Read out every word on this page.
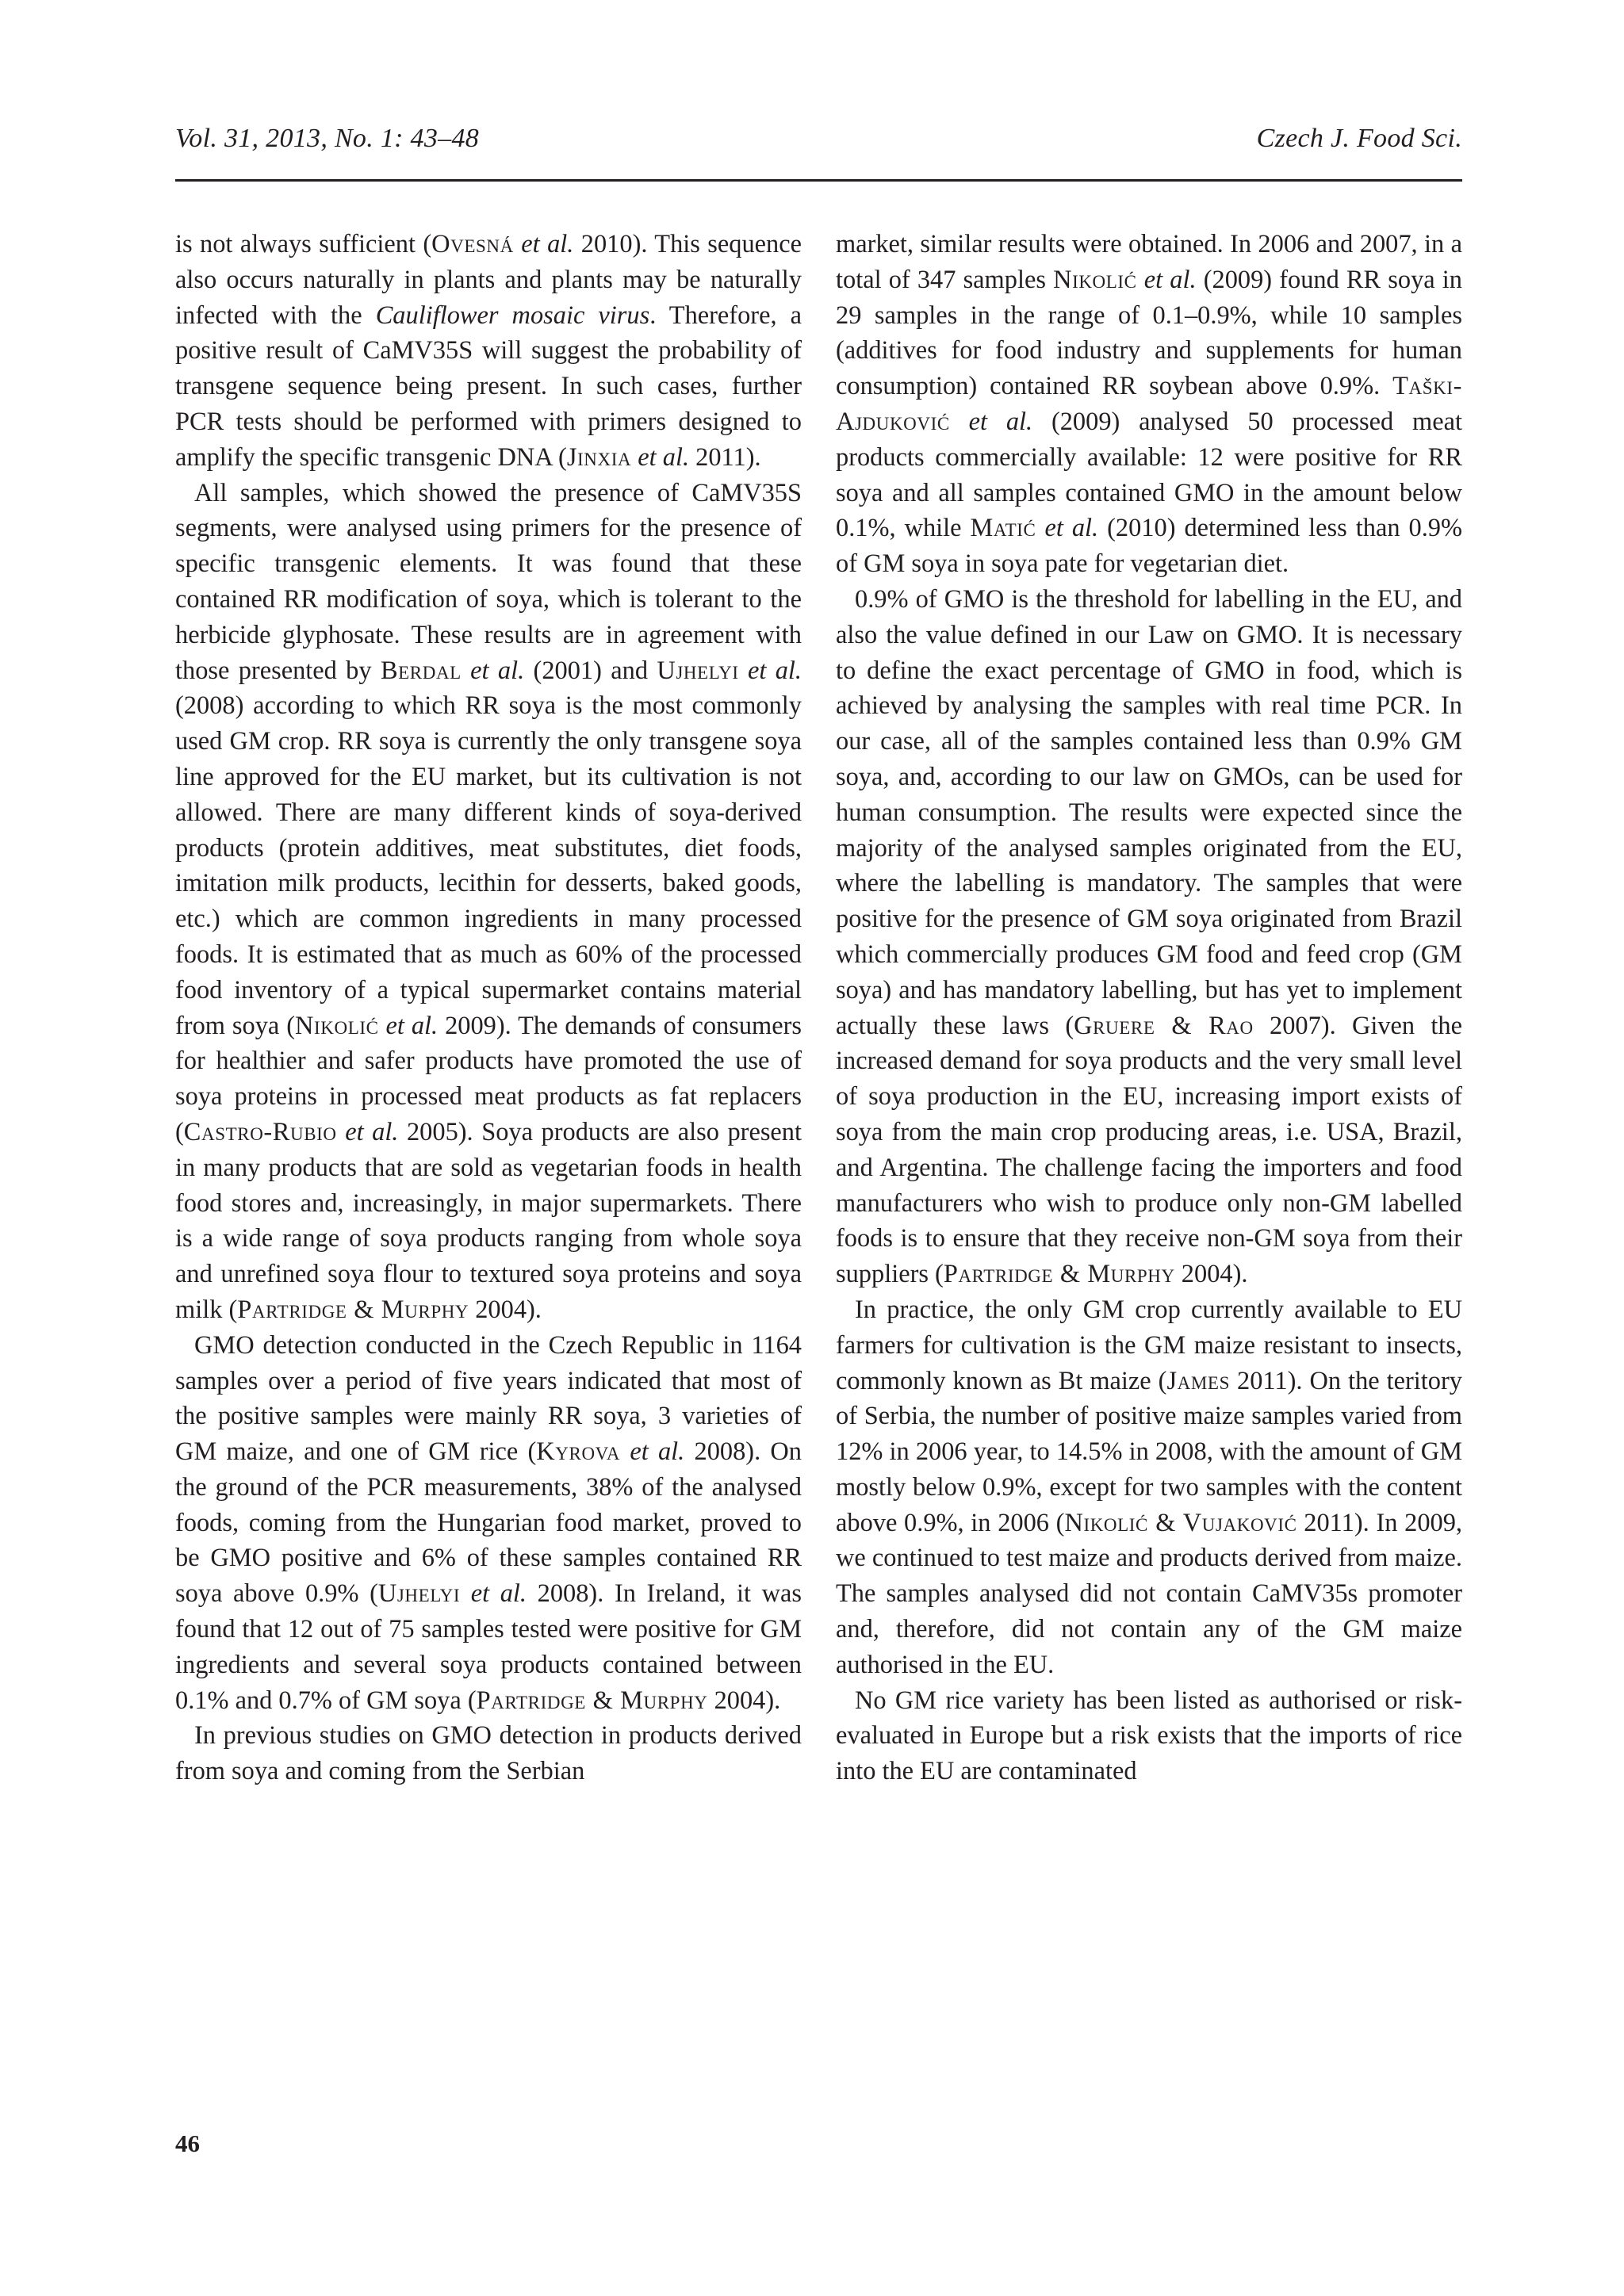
Vol. 31, 2013, No. 1: 43–48	Czech J. Food Sci.

is not always sufficient (Ovesná et al. 2010). This sequence also occurs naturally in plants and plants may be naturally infected with the Cauliflower mosaic virus. Therefore, a positive result of CaMV35S will suggest the probability of transgene sequence being present. In such cases, further PCR tests should be performed with primers designed to amplify the specific transgenic DNA (Jinxia et al. 2011).

All samples, which showed the presence of CaMV35S segments, were analysed using primers for the presence of specific transgenic elements. It was found that these contained RR modification of soya, which is tolerant to the herbicide glyphosate. These results are in agreement with those presented by Berdal et al. (2001) and Ujhelyi et al. (2008) according to which RR soya is the most commonly used GM crop. RR soya is currently the only transgene soya line approved for the EU market, but its cultivation is not allowed. There are many different kinds of soya-derived products (protein additives, meat substitutes, diet foods, imitation milk products, lecithin for desserts, baked goods, etc.) which are common ingredients in many processed foods. It is estimated that as much as 60% of the processed food inventory of a typical supermarket contains material from soya (Nikolić et al. 2009). The demands of consumers for healthier and safer products have promoted the use of soya proteins in processed meat products as fat replacers (Castro-Rubio et al. 2005). Soya products are also present in many products that are sold as vegetarian foods in health food stores and, increasingly, in major supermarkets. There is a wide range of soya products ranging from whole soya and unrefined soya flour to textured soya proteins and soya milk (Partridge & Murphy 2004).

GMO detection conducted in the Czech Republic in 1164 samples over a period of five years indicated that most of the positive samples were mainly RR soya, 3 varieties of GM maize, and one of GM rice (Kyrova et al. 2008). On the ground of the PCR measurements, 38% of the analysed foods, coming from the Hungarian food market, proved to be GMO positive and 6% of these samples contained RR soya above 0.9% (Ujhelyi et al. 2008). In Ireland, it was found that 12 out of 75 samples tested were positive for GM ingredients and several soya products contained between 0.1% and 0.7% of GM soya (Partridge & Murphy 2004).

In previous studies on GMO detection in products derived from soya and coming from the Serbian

market, similar results were obtained. In 2006 and 2007, in a total of 347 samples Nikolić et al. (2009) found RR soya in 29 samples in the range of 0.1–0.9%, while 10 samples (additives for food industry and supplements for human consumption) contained RR soybean above 0.9%. Taški-Ajduković et al. (2009) analysed 50 processed meat products commercially available: 12 were positive for RR soya and all samples contained GMO in the amount below 0.1%, while Matić et al. (2010) determined less than 0.9% of GM soya in soya pate for vegetarian diet.

0.9% of GMO is the threshold for labelling in the EU, and also the value defined in our Law on GMO. It is necessary to define the exact percentage of GMO in food, which is achieved by analysing the samples with real time PCR. In our case, all of the samples contained less than 0.9% GM soya, and, according to our law on GMOs, can be used for human consumption. The results were expected since the majority of the analysed samples originated from the EU, where the labelling is mandatory. The samples that were positive for the presence of GM soya originated from Brazil which commercially produces GM food and feed crop (GM soya) and has mandatory labelling, but has yet to implement actually these laws (Gruere & Rao 2007). Given the increased demand for soya products and the very small level of soya production in the EU, increasing import exists of soya from the main crop producing areas, i.e. USA, Brazil, and Argentina. The challenge facing the importers and food manufacturers who wish to produce only non-GM labelled foods is to ensure that they receive non-GM soya from their suppliers (Partridge & Murphy 2004).

In practice, the only GM crop currently available to EU farmers for cultivation is the GM maize resistant to insects, commonly known as Bt maize (James 2011). On the teritory of Serbia, the number of positive maize samples varied from 12% in 2006 year, to 14.5% in 2008, with the amount of GM mostly below 0.9%, except for two samples with the content above 0.9%, in 2006 (Nikolić & Vujaković 2011). In 2009, we continued to test maize and products derived from maize. The samples analysed did not contain CaMV35s promoter and, therefore, did not contain any of the GM maize authorised in the EU.

No GM rice variety has been listed as authorised or risk-evaluated in Europe but a risk exists that the imports of rice into the EU are contaminated

46
